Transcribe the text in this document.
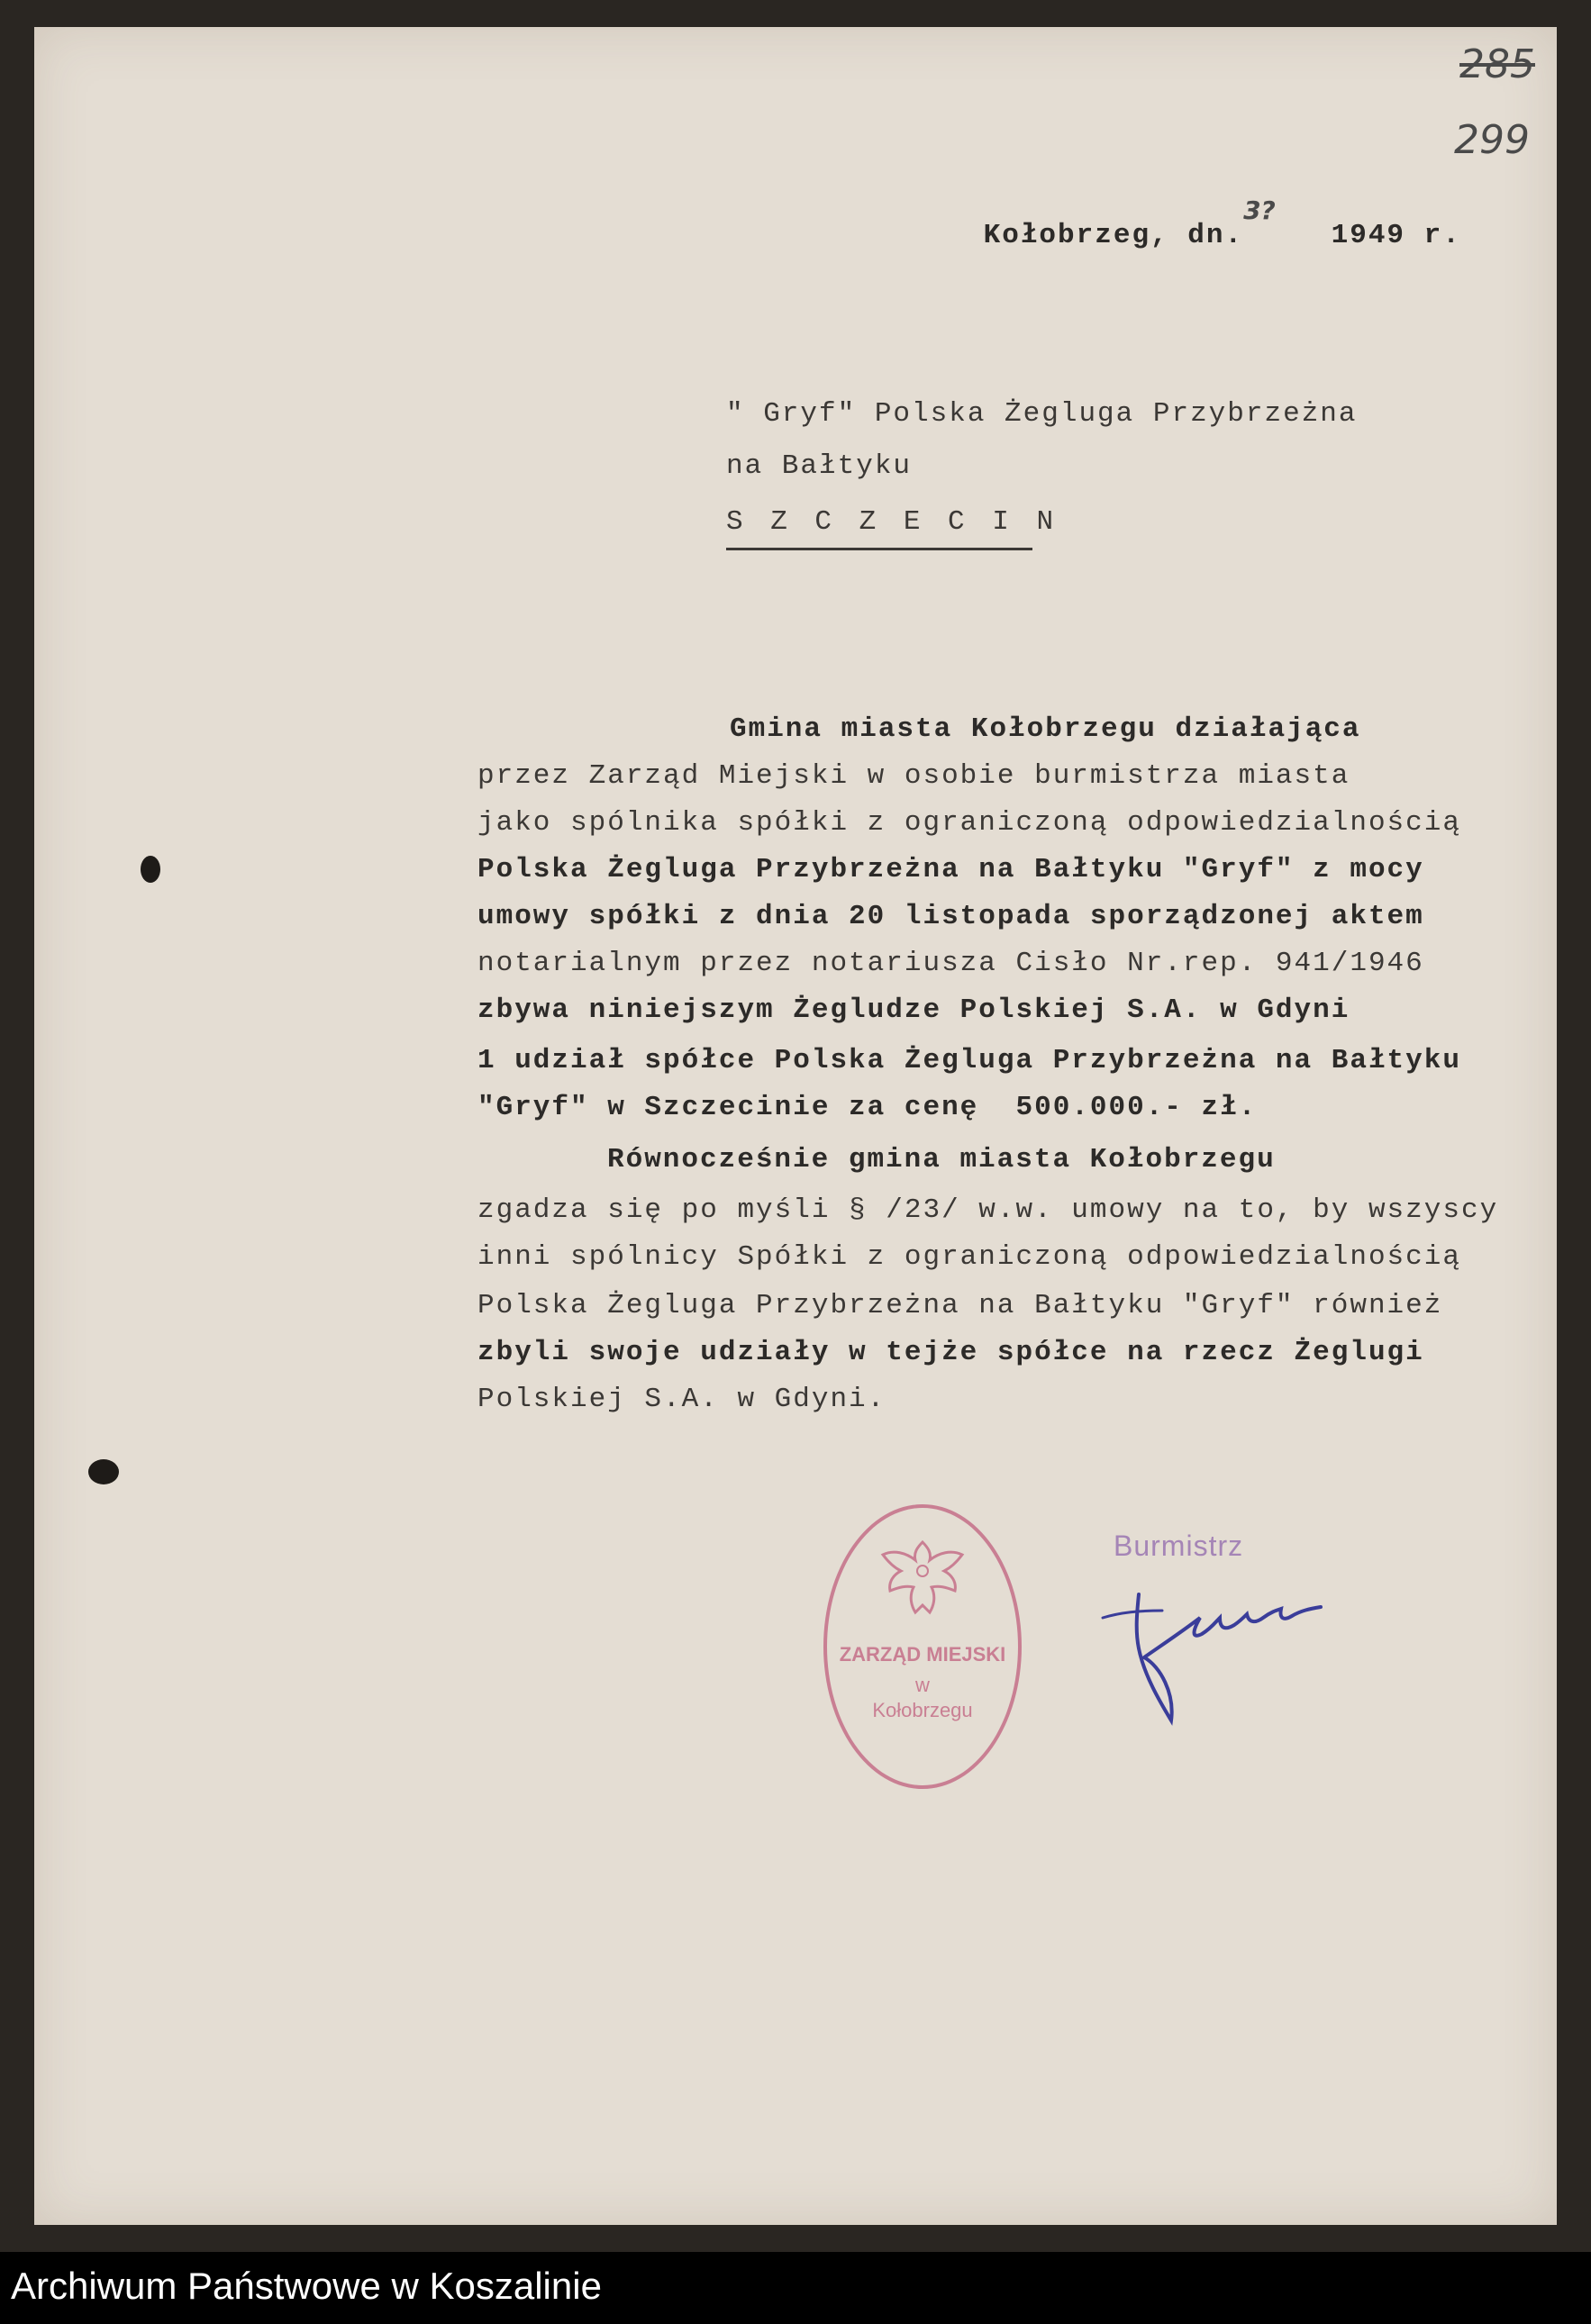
285
299

Kołobrzeg, dn.3?   1949 r.

" Gryf" Polska Żegluga Przybrzeżna
na Bałtyku
S Z C Z E C I N
Gmina miasta Kołobrzegu działająca
przez Zarząd Miejski w osobie burmistrza miasta
jako spólnika spółki z ograniczoną odpowiedzialnością
Polska Żegluga Przybrzeżna na Bałtyku "Gryf" z mocy
umowy spółki z dnia 20 listopada sporządzonej aktem
notarialnym przez notariusza Cisło Nr.rep. 941/1946
zbywa niniejszym Żegludze Polskiej S.A. w Gdyni
1 udział spółce Polska Żegluga Przybrzeżna na Bałtyku
"Gryf" w Szczecinie za cenę  500.000.- zł.
Równocześnie gmina miasta Kołobrzegu
zgadza się po myśli § /23/ w.w. umowy na to, by wszyscy
inni spólnicy Spółki z ograniczoną odpowiedzialnością
Polska Żegluga Przybrzeżna na Bałtyku "Gryf" również
zbyli swoje udziały w tejże spółce na rzecz Żeglugi
Polskiej S.A. w Gdyni.
ZARZĄD MIEJSKI
w
Kołobrzegu
Burmistrz
Archiwum Państwowe w Koszalinie
